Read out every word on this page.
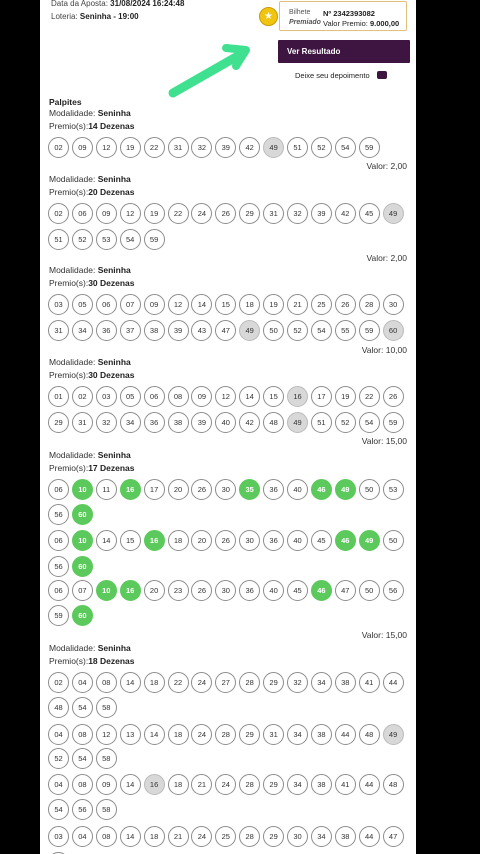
Data da Aposta: 31/08/2024 16:24:48
Loteria: Seninha - 19:00	★	Bilhete Nº 2342393082
Premiado Valor Premio: 9.000,00
Ver Resultado
Deixe seu depoimento
Palpites
Modalidade: Seninha
Premio(s):14 Dezenas
02	09	12	19	22	31	32	39	42	49	51	52	54	59
Valor: 2,00
Modalidade: Seninha
Premio(s):20 Dezenas
02	06	09	12	19	22	24	26	29	31	32	39	42	45	49
51	52	53	54	59
Valor: 2,00
Modalidade: Seninha
Premio(s):30 Dezenas
03	05	06	07	09	12	14	15	18	19	21	25	26	28	30
31	34	36	37	38	39	43	47	49	50	52	54	55	59	60
Valor: 10,00
Modalidade: Seninha
Premio(s):30 Dezenas
01	02	03	05	06	08	09	12	14	15	16	17	19	22	26
29	31	32	34	36	38	39	40	42	48	49	51	52	54	59
Valor: 15,00
Modalidade: Seninha
Premio(s):17 Dezenas
06	10	11	16	17	20	26	30	35	36	40	46	49	50	53
56	60
06	10	14	15	16	18	20	26	30	36	40	45	46	49	50
56	60
06	07	10	16	20	23	26	30	36	40	45	46	47	50	56
59	60
Valor: 15,00
Modalidade: Seninha
Premio(s):18 Dezenas
02	04	08	14	18	22	24	27	28	29	32	34	38	41	44
48	54	58
04	08	12	13	14	18	24	28	29	31	34	38	44	48	49
52	54	58
04	08	09	14	16	18	21	24	28	29	34	38	41	44	48
54	56	58
03	04	08	14	18	21	24	25	28	29	30	34	38	44	47
